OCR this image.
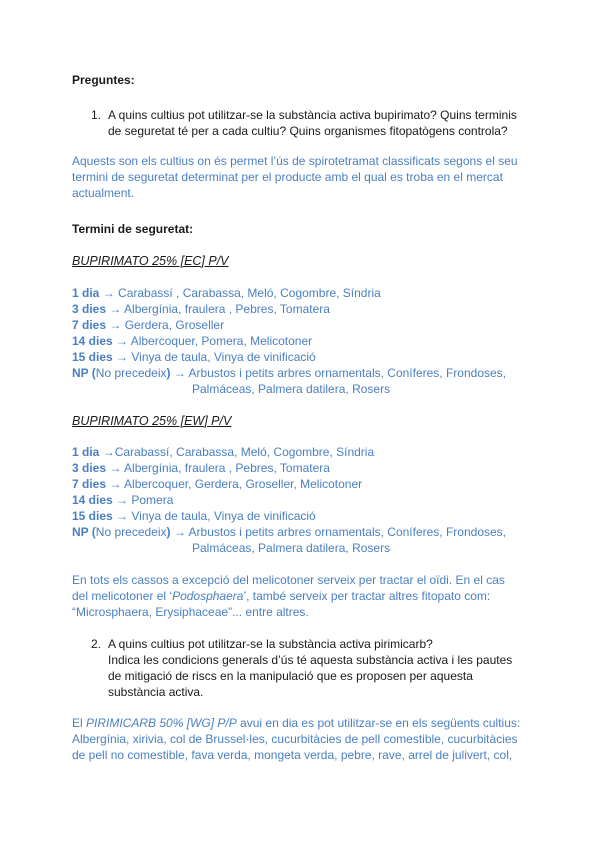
Preguntes:
1. A quins cultius pot utilitzar-se la substància activa bupirimato? Quins terminis
de seguretat té per a cada cultiu? Quins organismes fitopatògens controla?
Aquests son els cultius on és permet l’ús de spirotetramat classificats segons el seu
termini de seguretat determinat per el producte amb el qual es troba en el mercat
actualment.
Termini de seguretat:
BUPIRIMATO 25% [EC] P/V
1 dia → Carabassí , Carabassa, Meló, Cogombre, Síndria
3 dies → Albergínia, fraulera , Pebres, Tomatera
7 dies → Gerdera, Groseller
14 dies → Albercoquer, Pomera, Melicotoner
15 dies → Vinya de taula, Vinya de vinificació
NP (No precedeix) → Arbustos i petits arbres ornamentals, Coníferes, Frondoses,
Palmáceas, Palmera datilera, Rosers
BUPIRIMATO 25% [EW] P/V
1 dia →Carabassí, Carabassa, Meló, Cogombre, Síndria
3 dies → Albergínia, fraulera , Pebres, Tomatera
7 dies → Albercoquer, Gerdera, Groseller, Melicotoner
14 dies → Pomera
15 dies → Vinya de taula, Vinya de vinificació
NP (No precedeix) → Arbustos i petits arbres ornamentals, Coníferes, Frondoses,
Palmáceas, Palmera datilera, Rosers
En tots els cassos a excepció del melicotoner serveix per tractar el oïdi. En el cas
del melicotoner el ‘Podosphaera’, també serveix per tractar altres fitopato com:
“Microsphaera, Erysiphaceae”... entre altres.
2. A quins cultius pot utilitzar-se la substància activa pirimicarb?
Indica les condicions generals d’ús té aquesta substància activa i les pautes
de mitigació de riscs en la manipulació que es proposen per aquesta
substància activa.
El PIRIMICARB 50% [WG] P/P avui en dia es pot utilitzar-se en els següents cultius:
Albergínia, xirivia, col de Brussel·les, cucurbitàcies de pell comestible, cucurbitàcies
de pell no comestible, fava verda, mongeta verda, pebre, rave, arrel de julivert, col,
